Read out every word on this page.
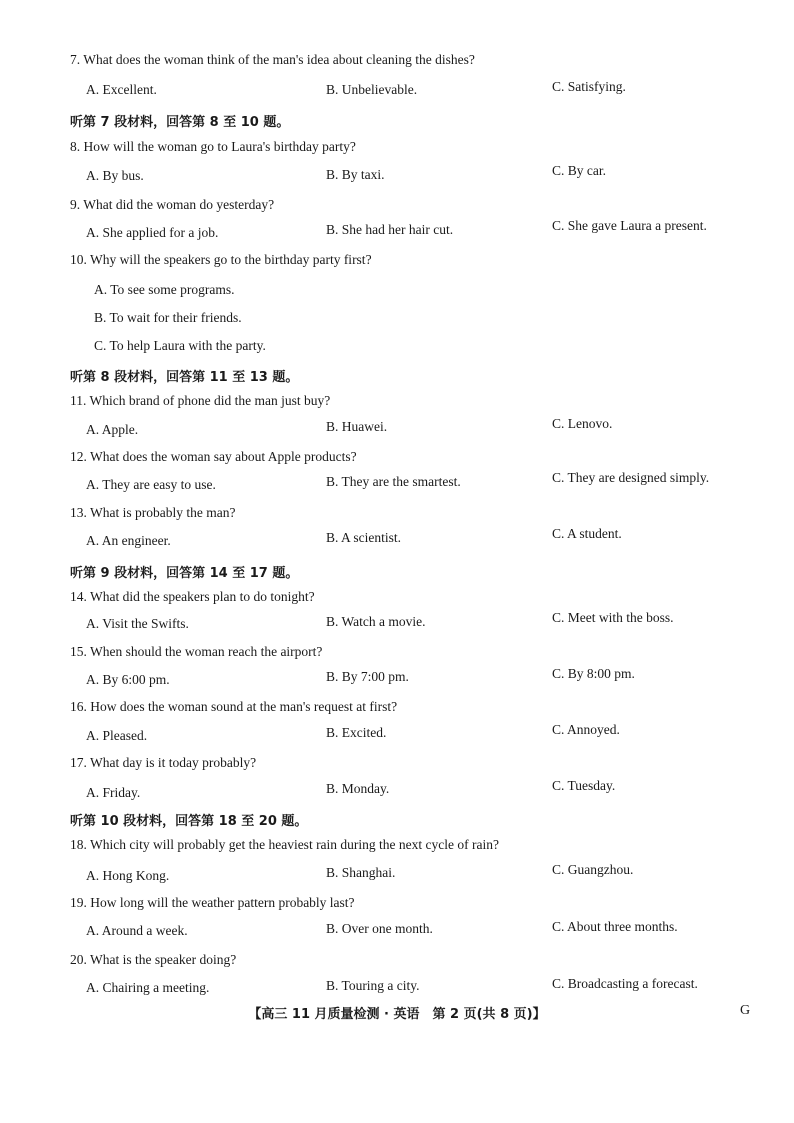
7. What does the woman think of the man's idea about cleaning the dishes?
A. Excellent.	B. Unbelievable.	C. Satisfying.
听第 7 段材料，回答第 8 至 10 题。
8. How will the woman go to Laura's birthday party?
A. By bus.	B. By taxi.	C. By car.
9. What did the woman do yesterday?
A. She applied for a job.	B. She had her hair cut.	C. She gave Laura a present.
10. Why will the speakers go to the birthday party first?
A. To see some programs.
B. To wait for their friends.
C. To help Laura with the party.
听第 8 段材料，回答第 11 至 13 题。
11. Which brand of phone did the man just buy?
A. Apple.	B. Huawei.	C. Lenovo.
12. What does the woman say about Apple products?
A. They are easy to use.	B. They are the smartest.	C. They are designed simply.
13. What is probably the man?
A. An engineer.	B. A scientist.	C. A student.
听第 9 段材料，回答第 14 至 17 题。
14. What did the speakers plan to do tonight?
A. Visit the Swifts.	B. Watch a movie.	C. Meet with the boss.
15. When should the woman reach the airport?
A. By 6:00 pm.	B. By 7:00 pm.	C. By 8:00 pm.
16. How does the woman sound at the man's request at first?
A. Pleased.	B. Excited.	C. Annoyed.
17. What day is it today probably?
A. Friday.	B. Monday.	C. Tuesday.
听第 10 段材料，回答第 18 至 20 题。
18. Which city will probably get the heaviest rain during the next cycle of rain?
A. Hong Kong.	B. Shanghai.	C. Guangzhou.
19. How long will the weather pattern probably last?
A. Around a week.	B. Over one month.	C. About three months.
20. What is the speaker doing?
A. Chairing a meeting.	B. Touring a city.	C. Broadcasting a forecast.
【高三 11 月质量检测 · 英语　第 2 页(共 8 页)】	G
